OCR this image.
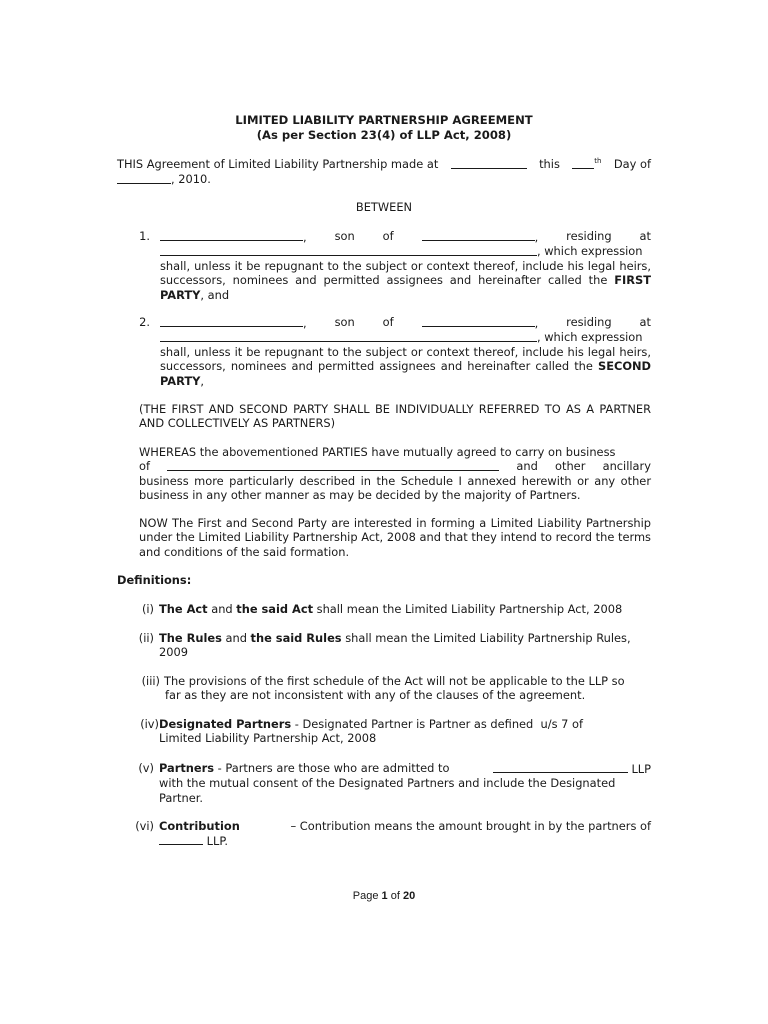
LIMITED LIABILITY PARTNERSHIP AGREEMENT
(As per Section 23(4) of LLP Act, 2008)
THIS Agreement of Limited Liability Partnership made at	this	$^{th}$ Day of
, 2010.
BETWEEN
1.	, son of	, residing at
, which expression
shall, unless it be repugnant to the subject or context thereof, include his legal heirs, successors, nominees and permitted assignees and hereinafter called the FIRST PARTY, and
2.	, son of	, residing at
, which expression
shall, unless it be repugnant to the subject or context thereof, include his legal heirs, successors, nominees and permitted assignees and hereinafter called the SECOND PARTY,
(THE FIRST AND SECOND PARTY SHALL BE INDIVIDUALLY REFERRED TO AS A PARTNER AND COLLECTIVELY AS PARTNERS)
WHEREAS the abovementioned PARTIES have mutually agreed to carry on business
of	and other ancillary
business more particularly described in the Schedule I annexed herewith or any other business in any other manner as may be decided by the majority of Partners.
NOW The First and Second Party are interested in forming a Limited Liability Partnership under the Limited Liability Partnership Act, 2008 and that they intend to record the terms and conditions of the said formation.
Definitions:
(i) The Act and the said Act shall mean the Limited Liability Partnership Act, 2008
(ii) The Rules and the said Rules shall mean the Limited Liability Partnership Rules,
2009
(iii) The provisions of the first schedule of the Act will not be applicable to the LLP so
far as they are not inconsistent with any of the clauses of the agreement.
(iv) Designated Partners - Designated Partner is Partner as defined  u/s 7 of
Limited Liability Partnership Act, 2008
(v) Partners - Partners are those who are admitted to	LLP
with the mutual consent of the Designated Partners and include the Designated
Partner.
(vi) Contribution	– Contribution means the amount brought in by the partners of
LLP.
Page 1 of 20
